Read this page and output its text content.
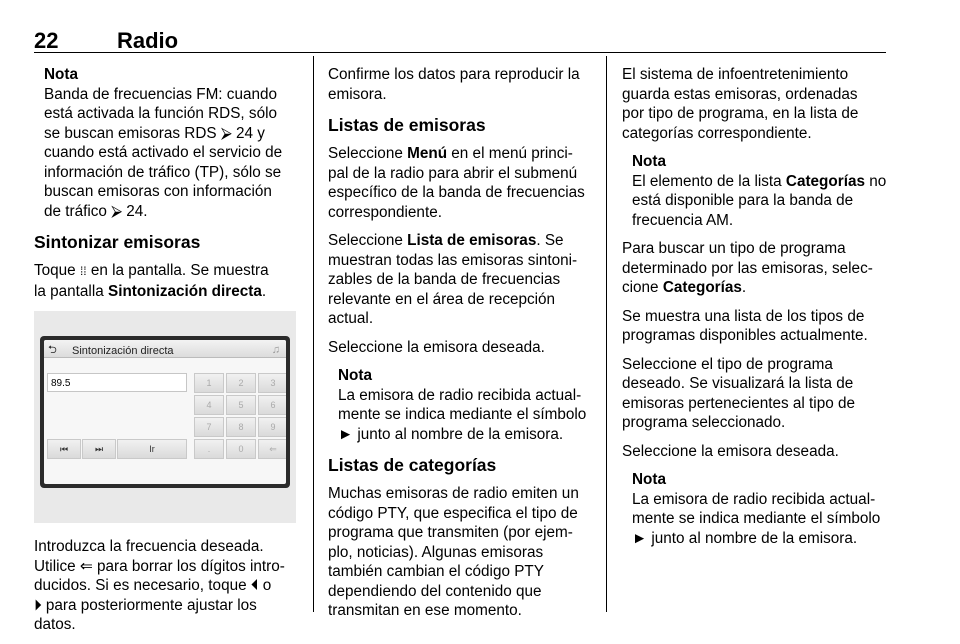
22	Radio
Nota
Banda de frecuencias FM: cuando
está activada la función RDS, sólo
se buscan emisoras RDS ⮚ 24 y
cuando está activado el servicio de
información de tráfico (TP), sólo se
buscan emisoras con información
de tráfico ⮚ 24.
Sintonizar emisoras

Toque ⁞⁞ en la pantalla. Se muestra
la pantalla Sintonización directa.

⮌ Sintonización directa	♫
89.5	1	2	3
4	5	6
7	8	9
.	0	⇐
⏮	⏭	Ir

Introduzca la frecuencia deseada.
Utilice ⇐ para borrar los dígitos intro-
ducidos. Si es necesario, toque ⏴ o
⏵ para posteriormente ajustar los
datos.

Confirme los datos para reproducir la
emisora.

Listas de emisoras

Seleccione Menú en el menú princi-
pal de la radio para abrir el submenú
específico de la banda de frecuencias
correspondiente.

Seleccione Lista de emisoras. Se
muestran todas las emisoras sintoni-
zables de la banda de frecuencias
relevante en el área de recepción
actual.

Seleccione la emisora deseada.

Nota
La emisora de radio recibida actual-
mente se indica mediante el símbolo
► junto al nombre de la emisora.
Listas de categorías

Muchas emisoras de radio emiten un
código PTY, que especifica el tipo de
programa que transmiten (por ejem-
plo, noticias). Algunas emisoras
también cambian el código PTY
dependiendo del contenido que
transmitan en ese momento.

El sistema de infoentretenimiento
guarda estas emisoras, ordenadas
por tipo de programa, en la lista de
categorías correspondiente.

Nota
El elemento de la lista Categorías no
está disponible para la banda de
frecuencia AM.

Para buscar un tipo de programa
determinado por las emisoras, selec-
cione Categorías.

Se muestra una lista de los tipos de
programas disponibles actualmente.

Seleccione el tipo de programa
deseado. Se visualizará la lista de
emisoras pertenecientes al tipo de
programa seleccionado.

Seleccione la emisora deseada.

Nota
La emisora de radio recibida actual-
mente se indica mediante el símbolo
► junto al nombre de la emisora.
